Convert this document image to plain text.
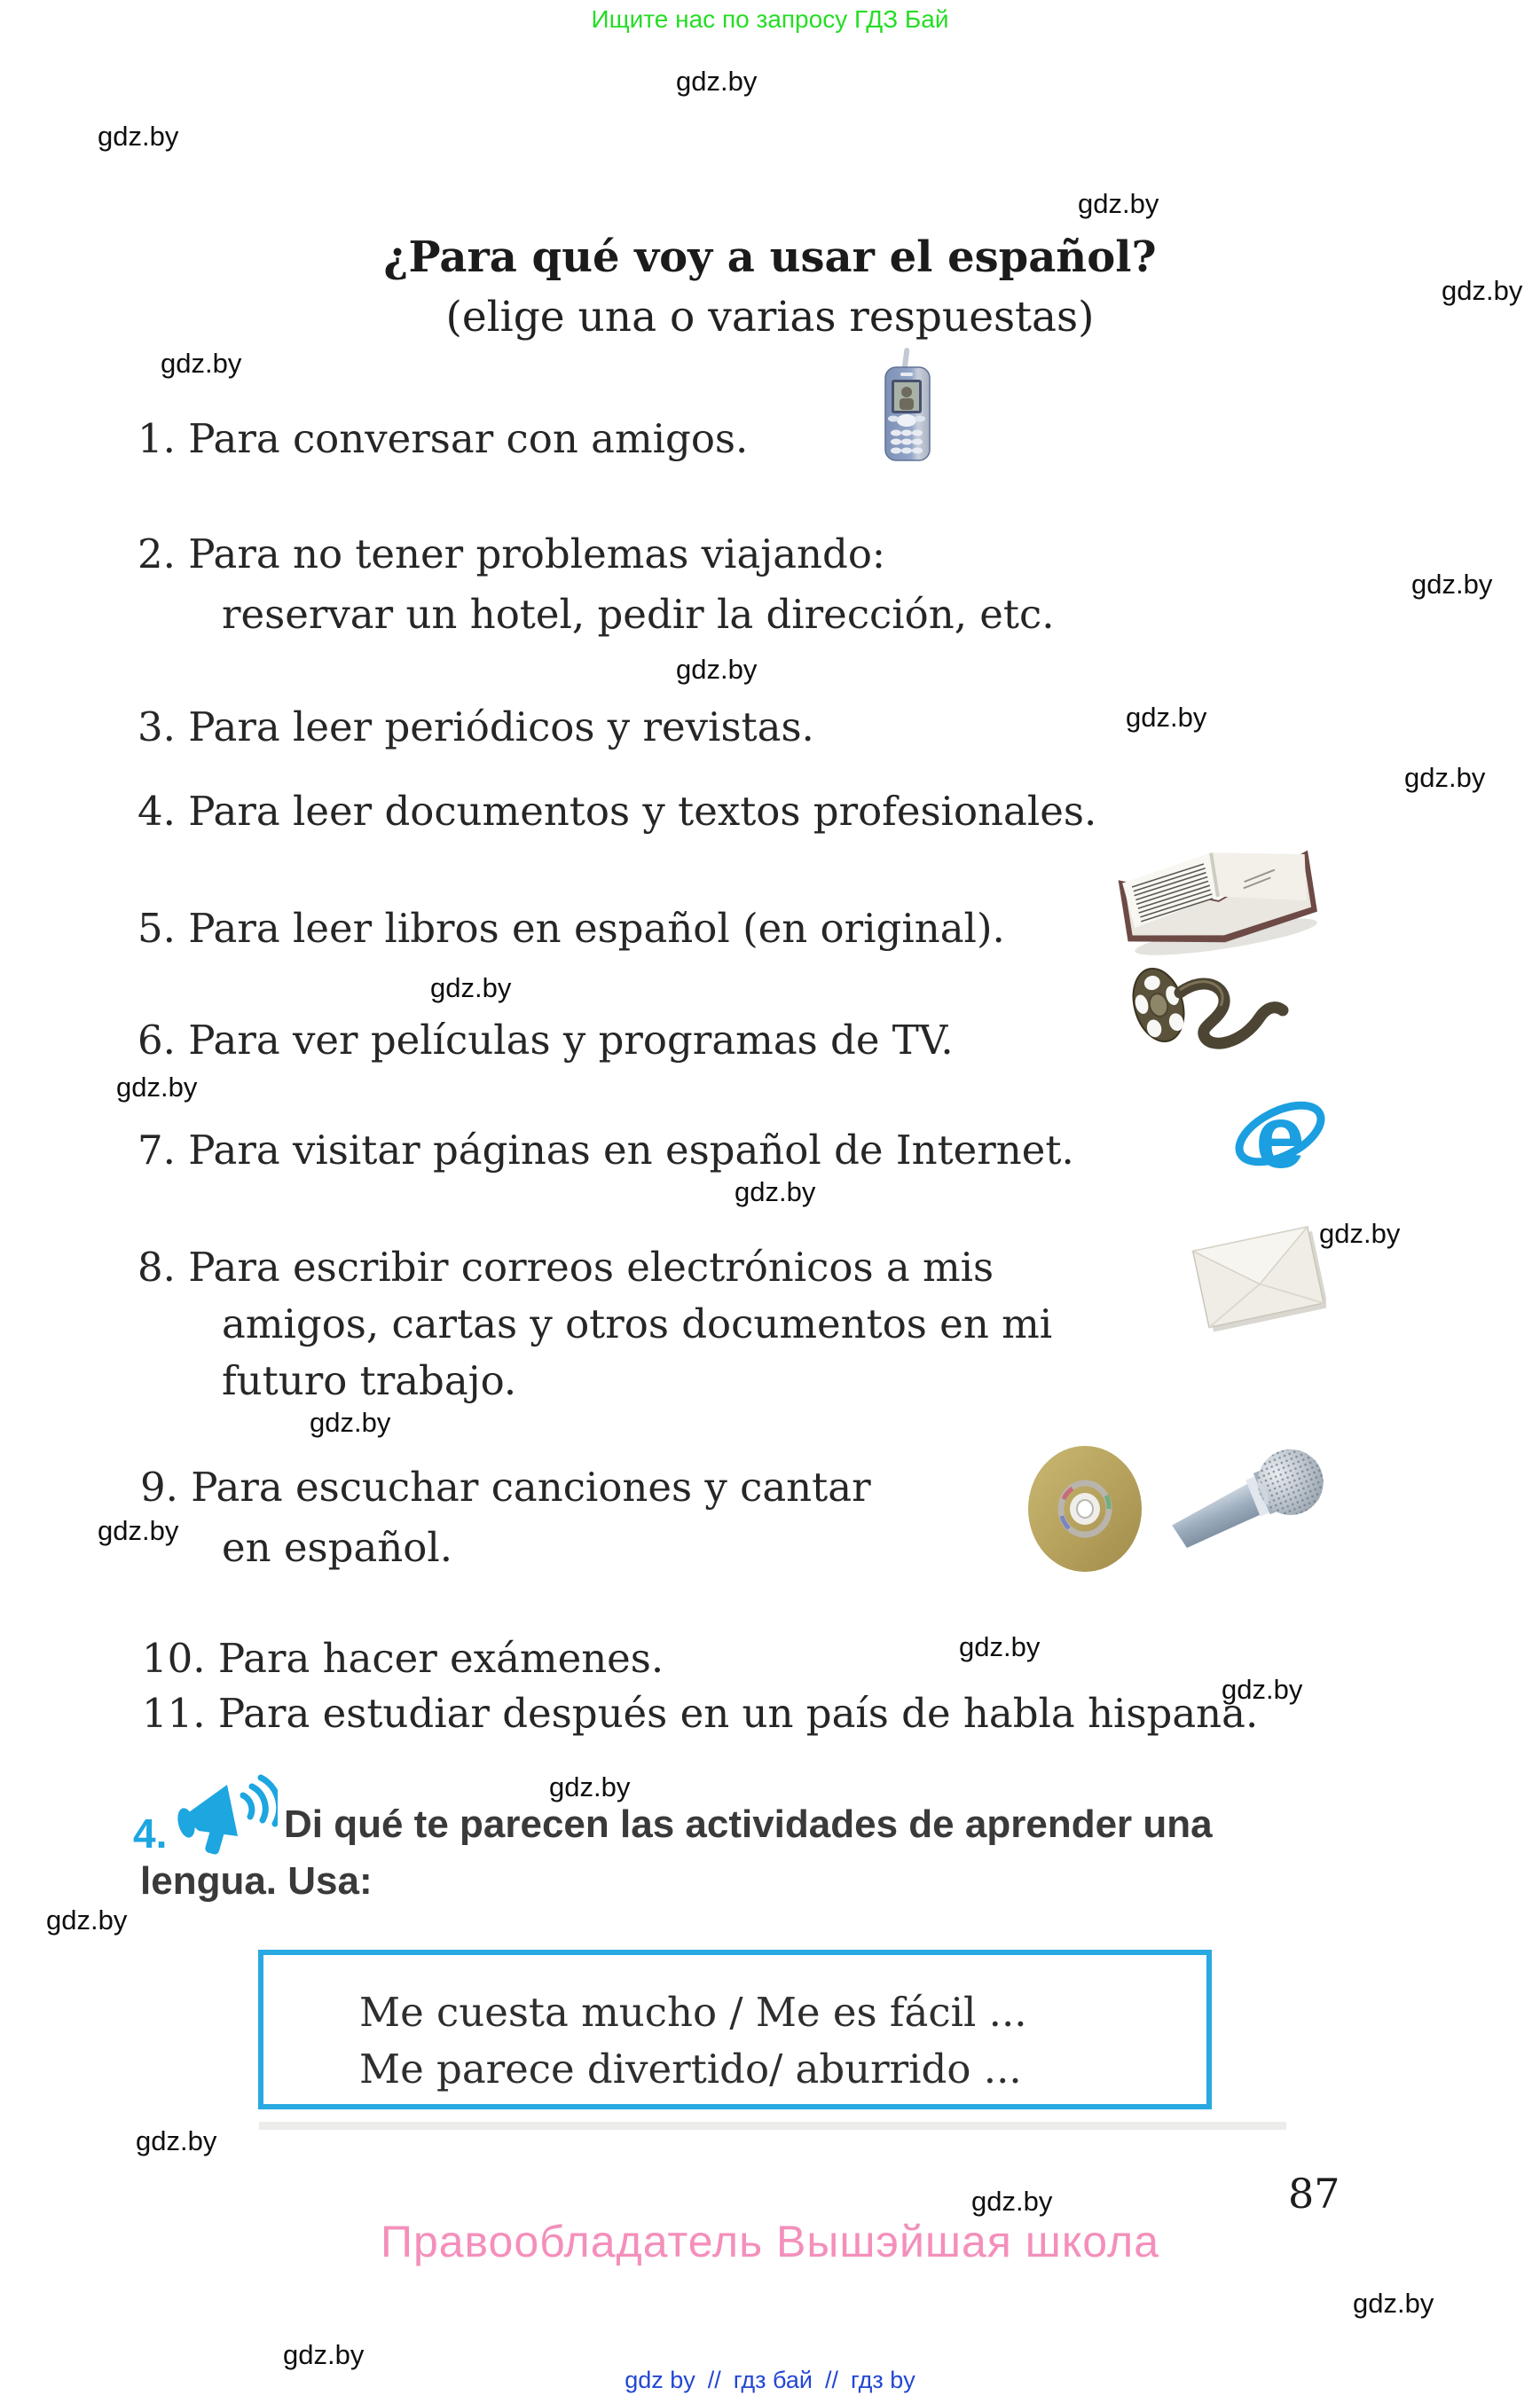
Ищите нас по запросу ГДЗ Бай
gdz.by
gdz.by
gdz.by
gdz.by
gdz.by
gdz.by
gdz.by
gdz.by
gdz.by
gdz.by
gdz.by
gdz.by
gdz.by
gdz.by
gdz.by
gdz.by
gdz.by
gdz.by
gdz.by
gdz.by
gdz.by
gdz.by
gdz.by
¿Para qué voy a usar el español?
(elige una o varias respuestas)
1. Para conversar con amigos.
2. Para no tener problemas viajando:
reservar un hotel, pedir la dirección, etc.
3. Para leer periódicos y revistas.
4. Para leer documentos y textos profesionales.
5. Para leer libros en español (en original).
6. Para ver películas y programas de TV.
7. Para visitar páginas en español de Internet.
8. Para escribir correos electrónicos a mis
amigos, cartas y otros documentos en mi
futuro trabajo.
9. Para escuchar canciones y cantar
en español.
10. Para hacer exámenes.
11. Para estudiar después en un país de habla hispana.
e
4.	Di qué te parecen las actividades de aprender una
lengua. Usa:
Me cuesta mucho / Me es fácil ...
Me parece divertido/ aburrido ...
87
Правообладатель Вышэйшая школа
gdz by // гдз бай // гдз by
